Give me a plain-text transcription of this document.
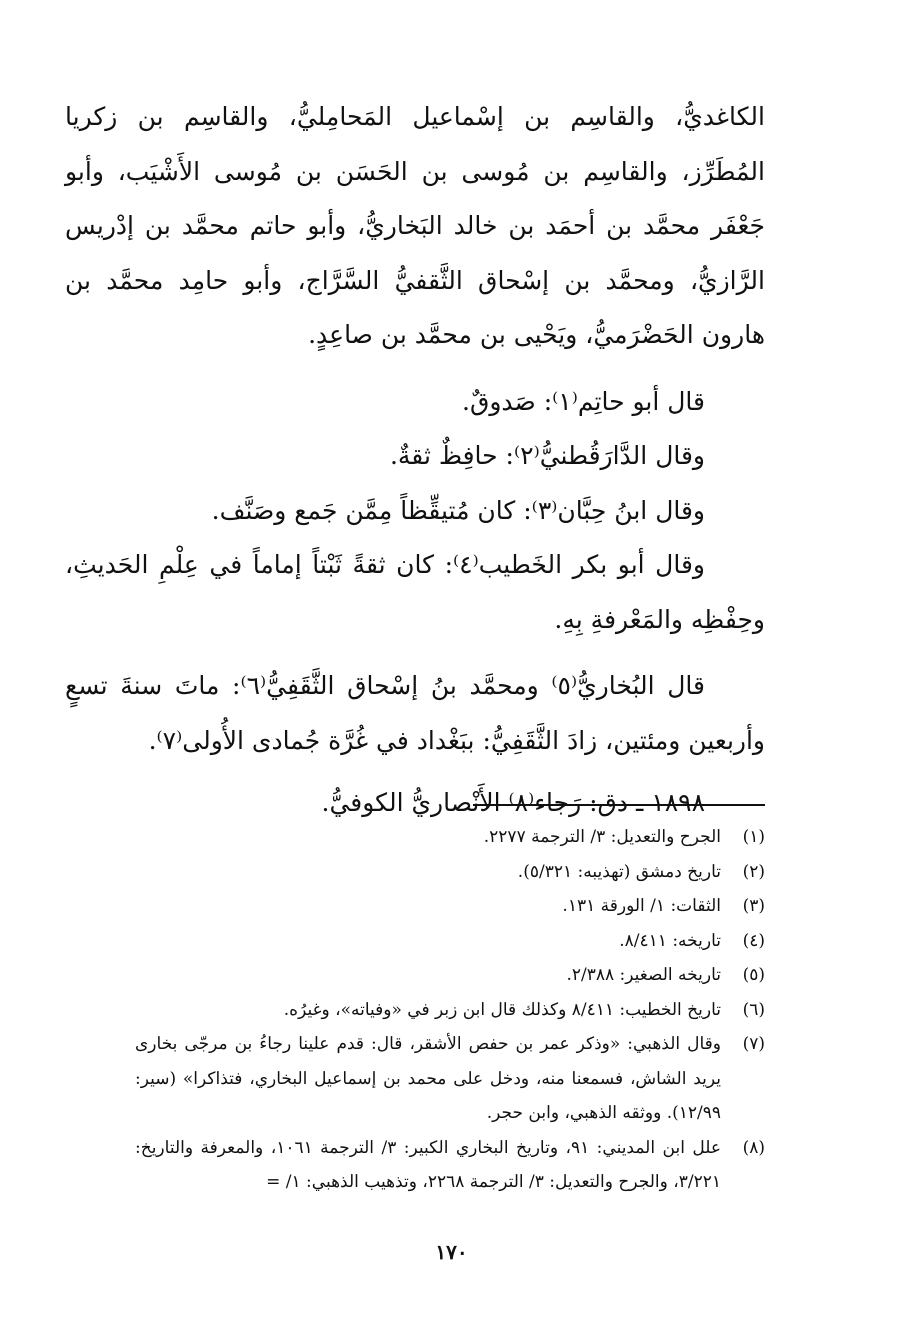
الكاغديُّ، والقاسِم بن إسْماعيل المَحامِليُّ، والقاسِم بن زكريا المُطَرِّز، والقاسِم بن مُوسى بن الحَسَن بن مُوسى الأَشْيَب، وأبو جَعْفَر محمَّد بن أحمَد بن خالد البَخاريُّ، وأبو حاتم محمَّد بن إدْريس الرَّازيُّ، ومحمَّد بن إسْحاق الثَّقفيُّ السَّرَّاج، وأبو حامِد محمَّد بن هارون الحَضْرَميُّ، ويَحْيى بن محمَّد بن صاعِدٍ.

قال أبو حاتِم⁽١⁾: صَدوقٌ.

وقال الدَّارَقُطنيُّ⁽٢⁾: حافِظٌ ثقةٌ.

وقال ابنُ حِبَّان⁽٣⁾: كان مُتيقِّظاً مِمَّن جَمع وصَنَّف.

وقال أبو بكر الخَطيب⁽٤⁾: كان ثقةً ثَبْتاً إماماً في عِلْمِ الحَديثِ، وحِفْظِه والمَعْرفةِ بِهِ.

قال البُخاريُّ⁽٥⁾ ومحمَّد بنُ إسْحاق الثَّقَفِيُّ⁽٦⁾: ماتَ سنةَ تسعٍ وأربعين ومئتين، زادَ الثَّقَفِيُّ: ببَغْداد في غُرَّة جُمادى الأُولى⁽٧⁾.

١٨٩٨ ـ دق: رَجاء⁽٨⁾ الأَنْصاريُّ الكوفيُّ.

(١)
الجرح والتعديل: ٣/ الترجمة ٢٢٧٧.
(٢)
تاريخ دمشق (تهذيبه: ٥/٣٢١).
(٣)
الثقات: ١/ الورقة ١٣١.
(٤)
تاريخه: ٨/٤١١.
(٥)
تاريخه الصغير: ٢/٣٨٨.
(٦)
تاريخ الخطيب: ٨/٤١١ وكذلك قال ابن زبر في «وفياته»، وغيرُه.
(٧)
وقال الذهبي: «وذكر عمر بن حفص الأشقر، قال: قدم علينا رجاءُ بن مرجّى بخارى يريد الشاش، فسمعنا منه، ودخل على محمد بن إسماعيل البخاري، فتذاكرا» (سير: ١٢/٩٩). ووثقه الذهبي، وابن حجر.
(٨)
علل ابن المديني: ٩١، وتاريخ البخاري الكبير: ٣/ الترجمة ١٠٦١، والمعرفة والتاريخ: ٣/٢٢١، والجرح والتعديل: ٣/ الترجمة ٢٢٦٨، وتذهيب الذهبي: ١/ =
١٧٠
